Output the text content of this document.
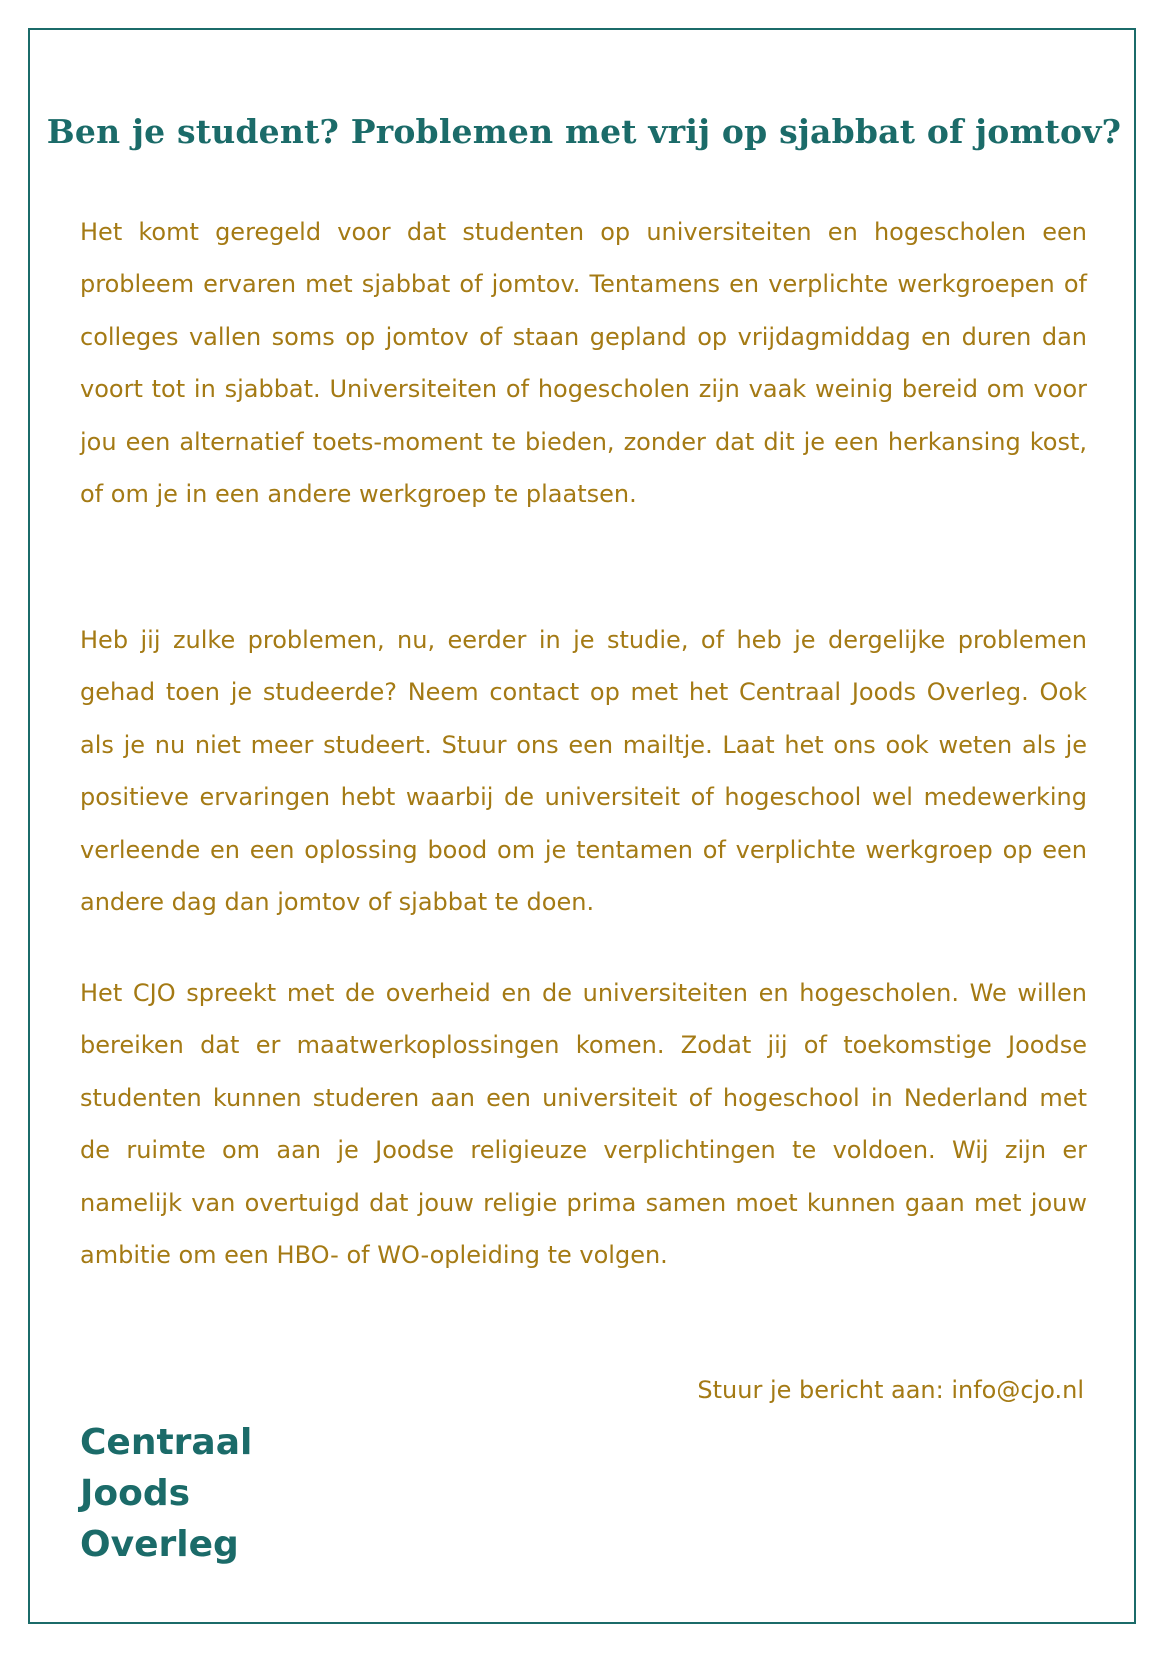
Ben je student? Problemen met vrij op sjabbat of jomtov?

Het komt geregeld voor dat studenten op universiteiten en hogescholen een probleem ervaren met sjabbat of jomtov. Tentamens en verplichte werkgroepen of colleges vallen soms op jomtov of staan gepland op vrijdagmiddag en duren dan voort tot in sjabbat. Universiteiten of hogescholen zijn vaak weinig bereid om voor jou een alternatief toets-moment te bieden, zonder dat dit je een herkansing kost, of om je in een andere werkgroep te plaatsen.

Heb jij zulke problemen, nu, eerder in je studie, of heb je dergelijke problemen gehad toen je studeerde? Neem contact op met het Centraal Joods Overleg. Ook als je nu niet meer studeert. Stuur ons een mailtje. Laat het ons ook weten als je positieve ervaringen hebt waarbij de universiteit of hogeschool wel medewerking verleende en een oplossing bood om je tentamen of verplichte werkgroep op een andere dag dan jomtov of sjabbat te doen.

Het CJO spreekt met de overheid en de universiteiten en hogescholen. We willen bereiken dat er maatwerkoplossingen komen. Zodat jij of toekomstige Joodse studenten kunnen studeren aan een universiteit of hogeschool in Nederland met de ruimte om aan je Joodse religieuze verplichtingen te voldoen. Wij zijn er namelijk van overtuigd dat jouw religie prima samen moet kunnen gaan met jouw ambitie om een HBO- of WO-opleiding te volgen.

Stuur je bericht aan: info@cjo.nl

Centraal
Joods
Overleg
